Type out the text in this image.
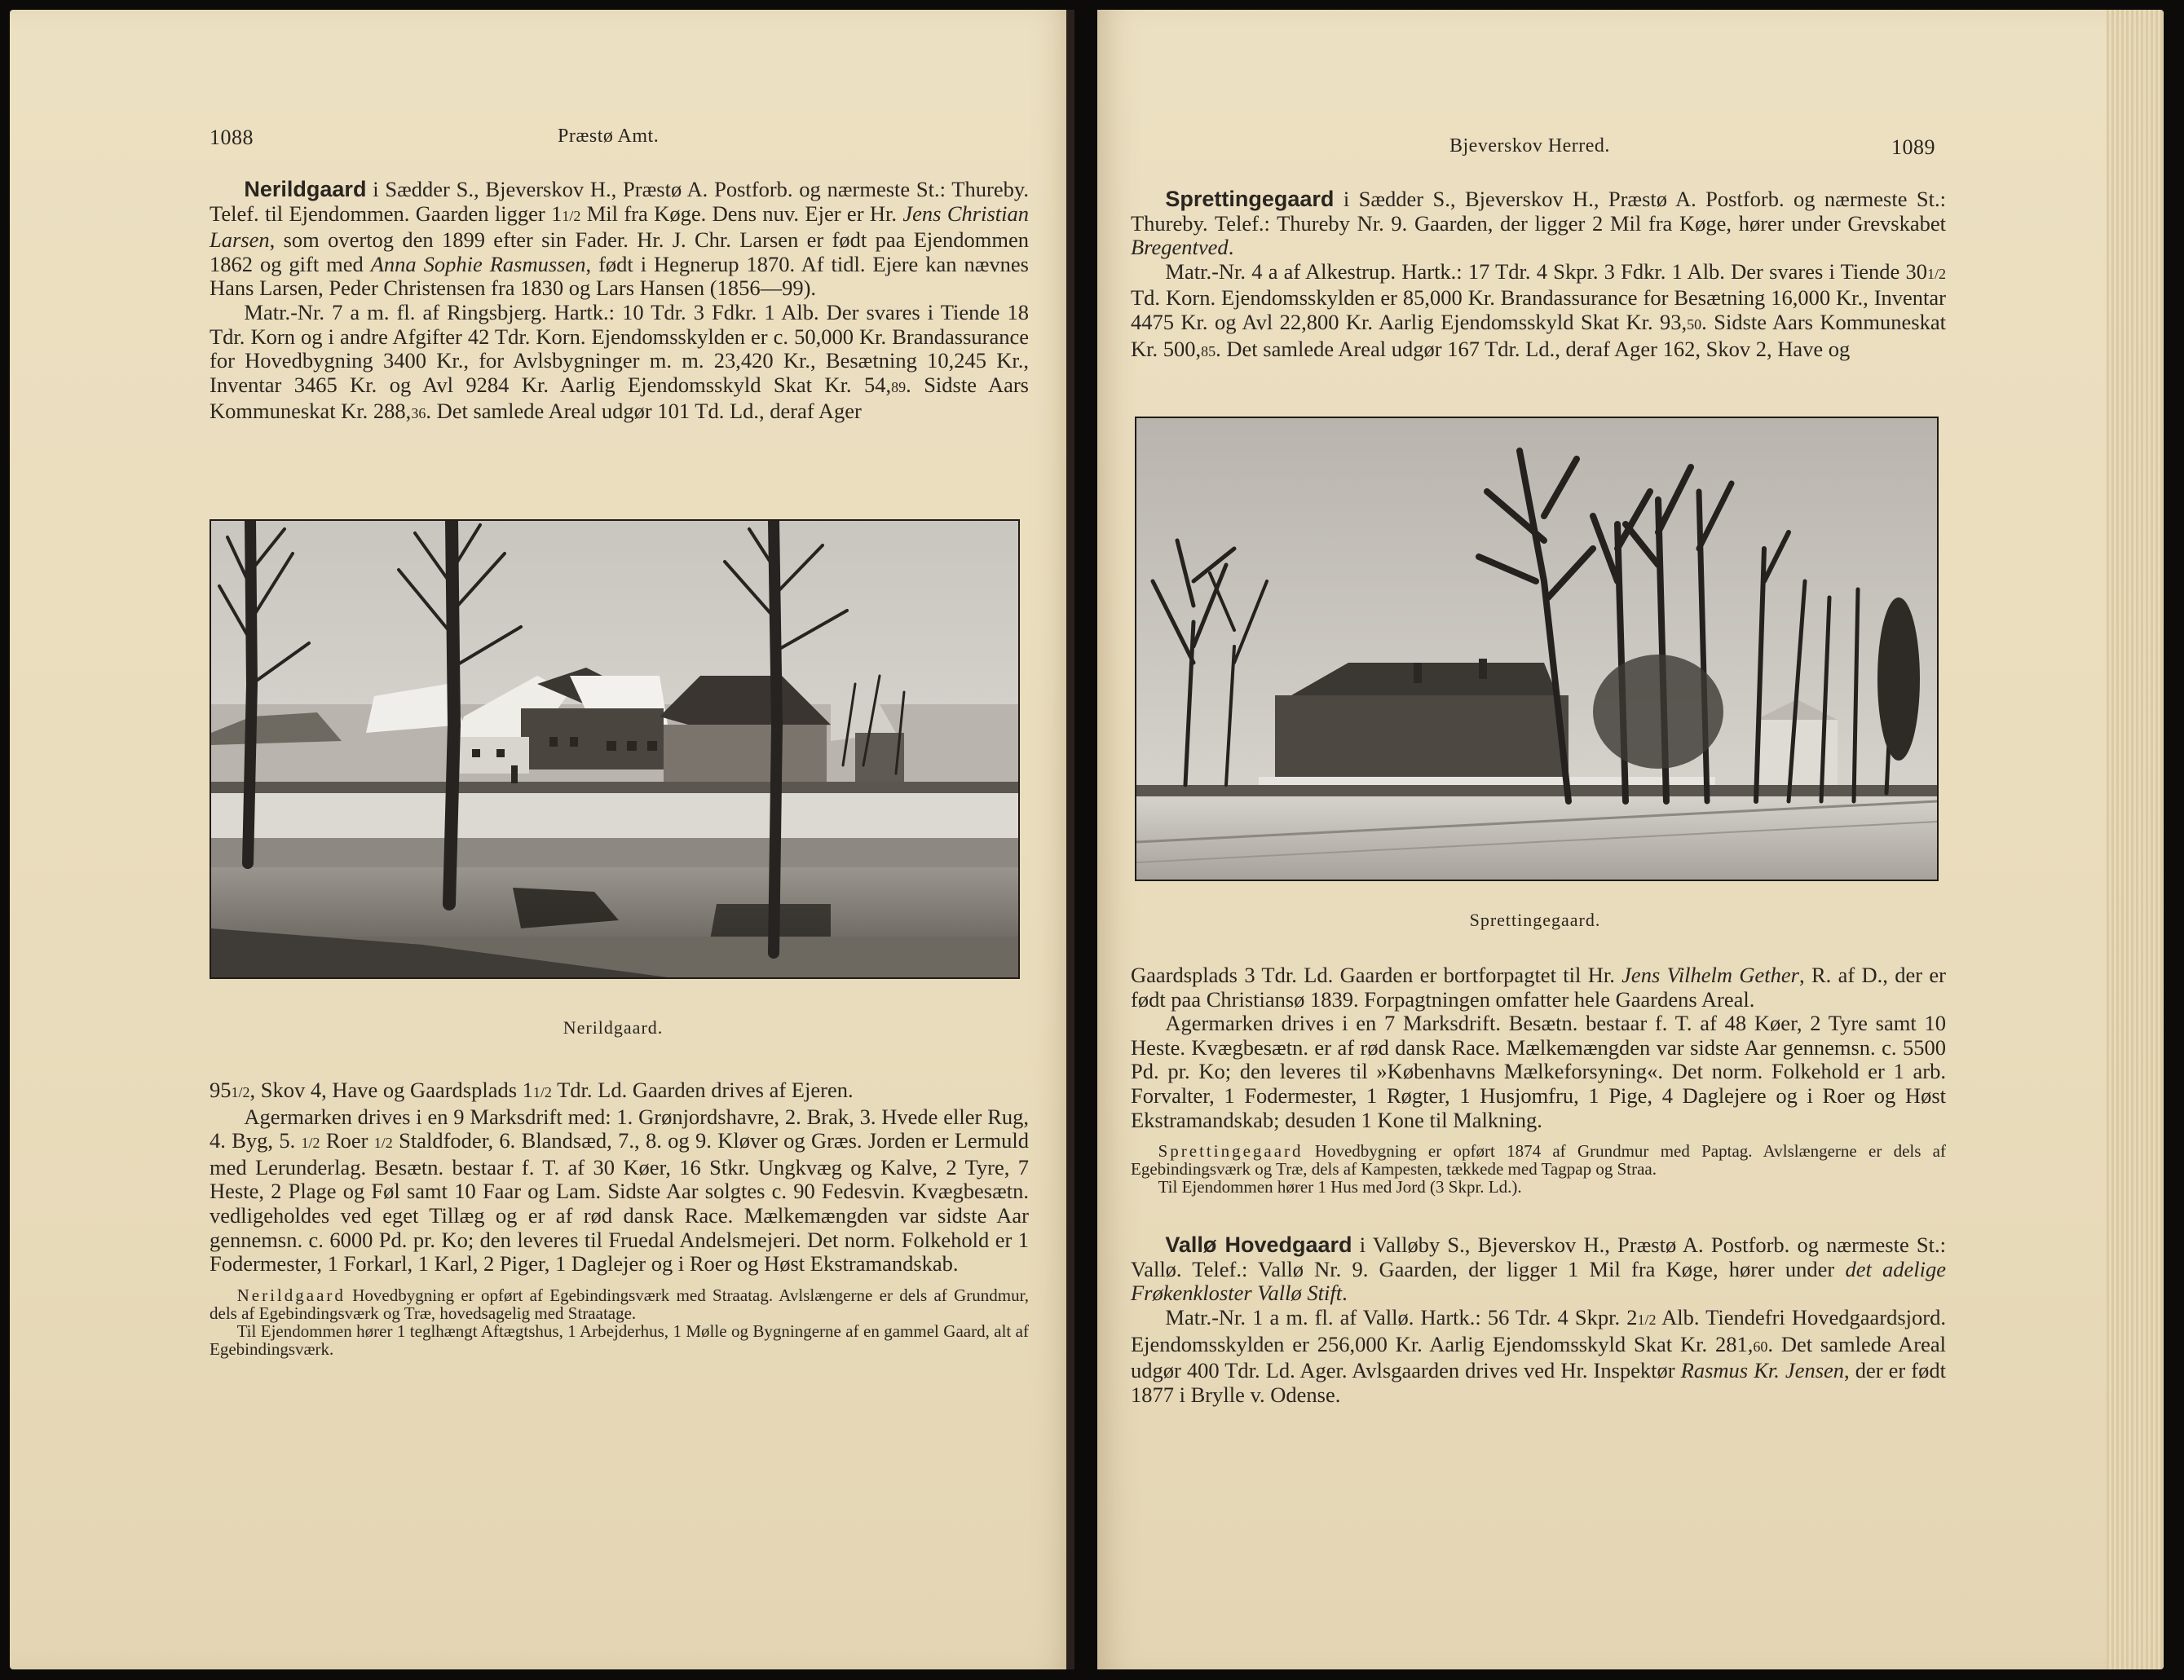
1088	Præstø Amt.

Nerildgaard i Sædder S., Bjeverskov H., Præstø A. Postforb. og nærmeste St.: Thureby. Telef. til Ejendommen. Gaarden ligger 11/2 Mil fra Køge. Dens nuv. Ejer er Hr. Jens Christian Larsen, som overtog den 1899 efter sin Fader. Hr. J. Chr. Larsen er født paa Ejendommen 1862 og gift med Anna Sophie Rasmussen, født i Hegnerup 1870. Af tidl. Ejere kan nævnes Hans Larsen, Peder Christensen fra 1830 og Lars Hansen (1856—99).

Matr.-Nr. 7 a m. fl. af Ringsbjerg. Hartk.: 10 Tdr. 3 Fdkr. 1 Alb. Der svares i Tiende 18 Tdr. Korn og i andre Afgifter 42 Tdr. Korn. Ejendomsskylden er c. 50,000 Kr. Brandassurance for Hovedbygning 3400 Kr., for Avlsbygninger m. m. 23,420 Kr., Besætning 10,245 Kr., Inventar 3465 Kr. og Avl 9284 Kr. Aarlig Ejendomsskyld Skat Kr. 54,89. Sidste Aars Kommuneskat Kr. 288,36. Det samlede Areal udgør 101 Td. Ld., deraf Ager

Nerildgaard.

951/2, Skov 4, Have og Gaardsplads 11/2 Tdr. Ld. Gaarden drives af Ejeren.

Agermarken drives i en 9 Marksdrift med: 1. Grønjordshavre, 2. Brak, 3. Hvede eller Rug, 4. Byg, 5. 1/2 Roer 1/2 Staldfoder, 6. Blandsæd, 7., 8. og 9. Kløver og Græs. Jorden er Lermuld med Lerunderlag. Besætn. bestaar f. T. af 30 Køer, 16 Stkr. Ungkvæg og Kalve, 2 Tyre, 7 Heste, 2 Plage og Føl samt 10 Faar og Lam. Sidste Aar solgtes c. 90 Fedesvin. Kvægbesætn. vedligeholdes ved eget Tillæg og er af rød dansk Race. Mælkemængden var sidste Aar gennemsn. c. 6000 Pd. pr. Ko; den leveres til Fruedal Andelsmejeri. Det norm. Folkehold er 1 Fodermester, 1 Forkarl, 1 Karl, 2 Piger, 1 Daglejer og i Roer og Høst Ekstramandskab.

Nerildgaard Hovedbygning er opført af Egebindingsværk med Straatag. Avlslængerne er dels af Grundmur, dels af Egebindingsværk og Træ, hovedsagelig med Straatage.

Til Ejendommen hører 1 teglhængt Aftægtshus, 1 Arbejderhus, 1 Mølle og Bygningerne af en gammel Gaard, alt af Egebindingsværk.

Bjeverskov Herred.	1089

Sprettingegaard i Sædder S., Bjeverskov H., Præstø A. Postforb. og nærmeste St.: Thureby. Telef.: Thureby Nr. 9. Gaarden, der ligger 2 Mil fra Køge, hører under Grevskabet Bregentved.

Matr.-Nr. 4 a af Alkestrup. Hartk.: 17 Tdr. 4 Skpr. 3 Fdkr. 1 Alb. Der svares i Tiende 301/2 Td. Korn. Ejendomsskylden er 85,000 Kr. Brandassurance for Besætning 16,000 Kr., Inventar 4475 Kr. og Avl 22,800 Kr. Aarlig Ejendomsskyld Skat Kr. 93,50. Sidste Aars Kommuneskat Kr. 500,85. Det samlede Areal udgør 167 Tdr. Ld., deraf Ager 162, Skov 2, Have og

Sprettingegaard.

Gaardsplads 3 Tdr. Ld. Gaarden er bortforpagtet til Hr. Jens Vilhelm Gether, R. af D., der er født paa Christiansø 1839. Forpagtningen omfatter hele Gaardens Areal.

Agermarken drives i en 7 Marksdrift. Besætn. bestaar f. T. af 48 Køer, 2 Tyre samt 10 Heste. Kvægbesætn. er af rød dansk Race. Mælkemængden var sidste Aar gennemsn. c. 5500 Pd. pr. Ko; den leveres til »Københavns Mælkeforsyning«. Det norm. Folkehold er 1 arb. Forvalter, 1 Fodermester, 1 Røgter, 1 Husjomfru, 1 Pige, 4 Daglejere og i Roer og Høst Ekstramandskab; desuden 1 Kone til Malkning.

Sprettingegaard Hovedbygning er opført 1874 af Grundmur med Paptag. Avlslængerne er dels af Egebindingsværk og Træ, dels af Kampesten, tækkede med Tagpap og Straa.

Til Ejendommen hører 1 Hus med Jord (3 Skpr. Ld.).

Vallø Hovedgaard i Valløby S., Bjeverskov H., Præstø A. Postforb. og nærmeste St.: Vallø. Telef.: Vallø Nr. 9. Gaarden, der ligger 1 Mil fra Køge, hører under det adelige Frøkenkloster Vallø Stift.

Matr.-Nr. 1 a m. fl. af Vallø. Hartk.: 56 Tdr. 4 Skpr. 21/2 Alb. Tiendefri Hovedgaardsjord. Ejendomsskylden er 256,000 Kr. Aarlig Ejendomsskyld Skat Kr. 281,60. Det samlede Areal udgør 400 Tdr. Ld. Ager. Avlsgaarden drives ved Hr. Inspektør Rasmus Kr. Jensen, der er født 1877 i Brylle v. Odense.
